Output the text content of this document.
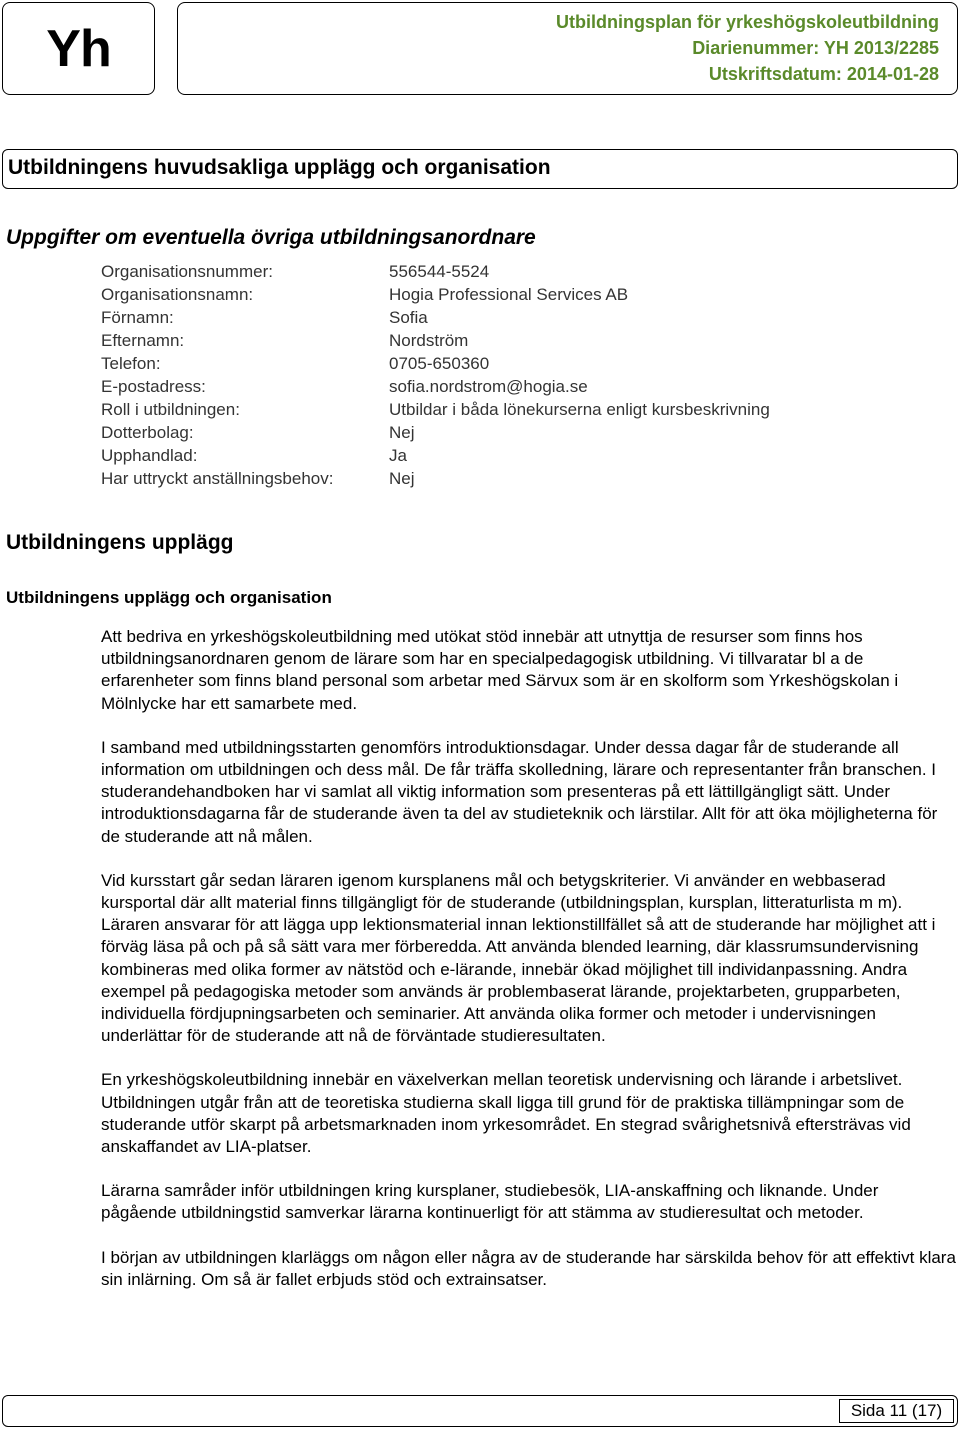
Yh	Utbildningsplan för yrkeshögskoleutbildning
Diarienummer: YH 2013/2285
Utskriftsdatum: 2014-01-28
Utbildningens huvudsakliga upplägg och organisation
Uppgifter om eventuella övriga utbildningsanordnare
Organisationsnummer:	556544-5524
Organisationsnamn:	Hogia Professional Services AB
Förnamn:	Sofia
Efternamn:	Nordström
Telefon:	0705-650360
E-postadress:	sofia.nordstrom@hogia.se
Roll i utbildningen:	Utbildar i båda lönekurserna enligt kursbeskrivning
Dotterbolag:	Nej
Upphandlad:	Ja
Har uttryckt anställningsbehov:	Nej
Utbildningens upplägg
Utbildningens upplägg och organisation

Att bedriva en yrkeshögskoleutbildning med utökat stöd innebär att utnyttja de resurser som finns hos utbildningsanordnaren genom de lärare som har en specialpedagogisk utbildning. Vi tillvaratar bl a de erfarenheter som finns bland personal som arbetar med Särvux som är en skolform som Yrkeshögskolan i Mölnlycke har ett samarbete med.

I samband med utbildningsstarten genomförs introduktionsdagar. Under dessa dagar får de studerande all information om utbildningen och dess mål. De får träffa skolledning, lärare och representanter från branschen. I studerandehandboken har vi samlat all viktig information som presenteras på ett lättillgängligt sätt. Under introduktionsdagarna får de studerande även ta del av studieteknik och lärstilar. Allt för att öka möjligheterna för de studerande att nå målen.

Vid kursstart går sedan läraren igenom kursplanens mål och betygskriterier. Vi använder en webbaserad kursportal där allt material finns tillgängligt för de studerande (utbildningsplan, kursplan, litteraturlista m m). Läraren ansvarar för att lägga upp lektionsmaterial innan lektionstillfället så att de studerande har möjlighet att i förväg läsa på och på så sätt vara mer förberedda. Att använda blended learning, där klassrumsundervisning kombineras med olika former av nätstöd och e-lärande, innebär ökad möjlighet till individanpassning. Andra exempel på pedagogiska metoder som används är problembaserat lärande, projektarbeten, grupparbeten, individuella fördjupningsarbeten och seminarier. Att använda olika former och metoder i undervisningen underlättar för de studerande att nå de förväntade studieresultaten.

En yrkeshögskoleutbildning innebär en växelverkan mellan teoretisk undervisning och lärande i arbetslivet. Utbildningen utgår från att de teoretiska studierna skall ligga till grund för de praktiska tillämpningar som de studerande utför skarpt på arbetsmarknaden inom yrkesområdet. En stegrad svårighetsnivå eftersträvas vid anskaffandet av LIA-platser.

Lärarna samråder inför utbildningen kring kursplaner, studiebesök, LIA-anskaffning och liknande. Under pågående utbildningstid samverkar lärarna kontinuerligt för att stämma av studieresultat och metoder.

I början av utbildningen klarläggs om någon eller några av de studerande har särskilda behov för att effektivt klara sin inlärning. Om så är fallet erbjuds stöd och extrainsatser.

Sida 11 (17)
